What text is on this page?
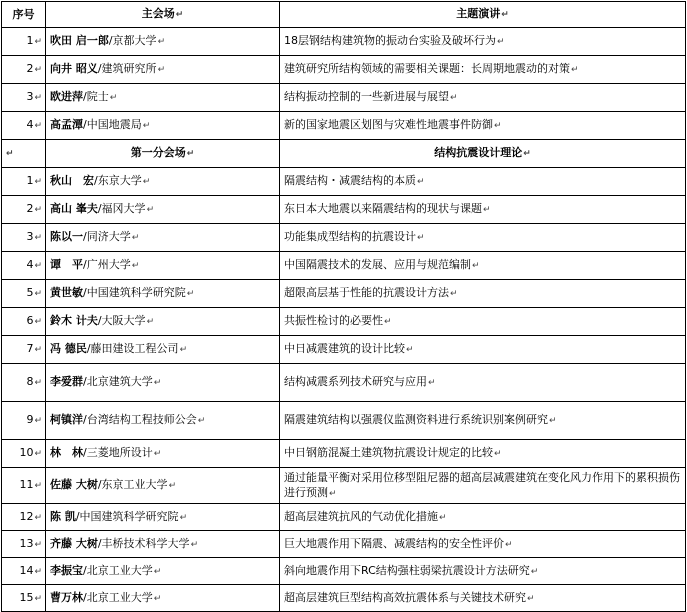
序号	主会场↵	主题演讲↵
1↵	吹田 启一郎/京都大学↵	18层钢结构建筑物的振动台实验及破坏行为↵
2↵	向井 昭义/建筑研究所↵	建筑研究所结构领域的需要相关课题：长周期地震动的对策↵
3↵	欧进萍/院士↵	结构振动控制的一些新进展与展望↵
4↵	高孟潭/中国地震局↵	新的国家地震区划图与灾难性地震事件防御↵
↵	第一分会场↵	结构抗震设计理论↵
1↵	秋山　宏/东京大学↵	隔震结构・减震结构的本质↵
2↵	高山 峯夫/福冈大学↵	东日本大地震以来隔震结构的现状与课题↵
3↵	陈以一/同济大学↵	功能集成型结构的抗震设计↵
4↵	谭　平/广州大学↵	中国隔震技术的发展、应用与规范编制↵
5↵	黄世敏/中国建筑科学研究院↵	超限高层基于性能的抗震设计方法↵
6↵	鈴木 计夫/大阪大学↵	共振性检讨的必要性↵
7↵	冯 德民/藤田建设工程公司↵	中日减震建筑的设计比较↵
8↵	李爱群/北京建筑大学↵	结构减震系列技术研究与应用↵
9↵	柯镇洋/台湾结构工程技师公会↵	隔震建筑结构以强震仪监测资料进行系统识别案例研究↵
10↵	林　林/三菱地所设计↵	中日钢筋混凝土建筑物抗震设计规定的比较↵
11↵	佐藤 大树/东京工业大学↵	通过能量平衡对采用位移型阻尼器的超高层减震建筑在变化风力作用下的累积损伤进行预测↵
12↵	陈 凯/中国建筑科学研究院↵	超高层建筑抗风的气动优化措施↵
13↵	齐藤 大树/丰桥技术科学大学↵	巨大地震作用下隔震、减震结构的安全性评价↵
14↵	李振宝/北京工业大学↵	斜向地震作用下RC结构强柱弱梁抗震设计方法研究↵
15↵	曹万林/北京工业大学↵	超高层建筑巨型结构高效抗震体系与关键技术研究↵
